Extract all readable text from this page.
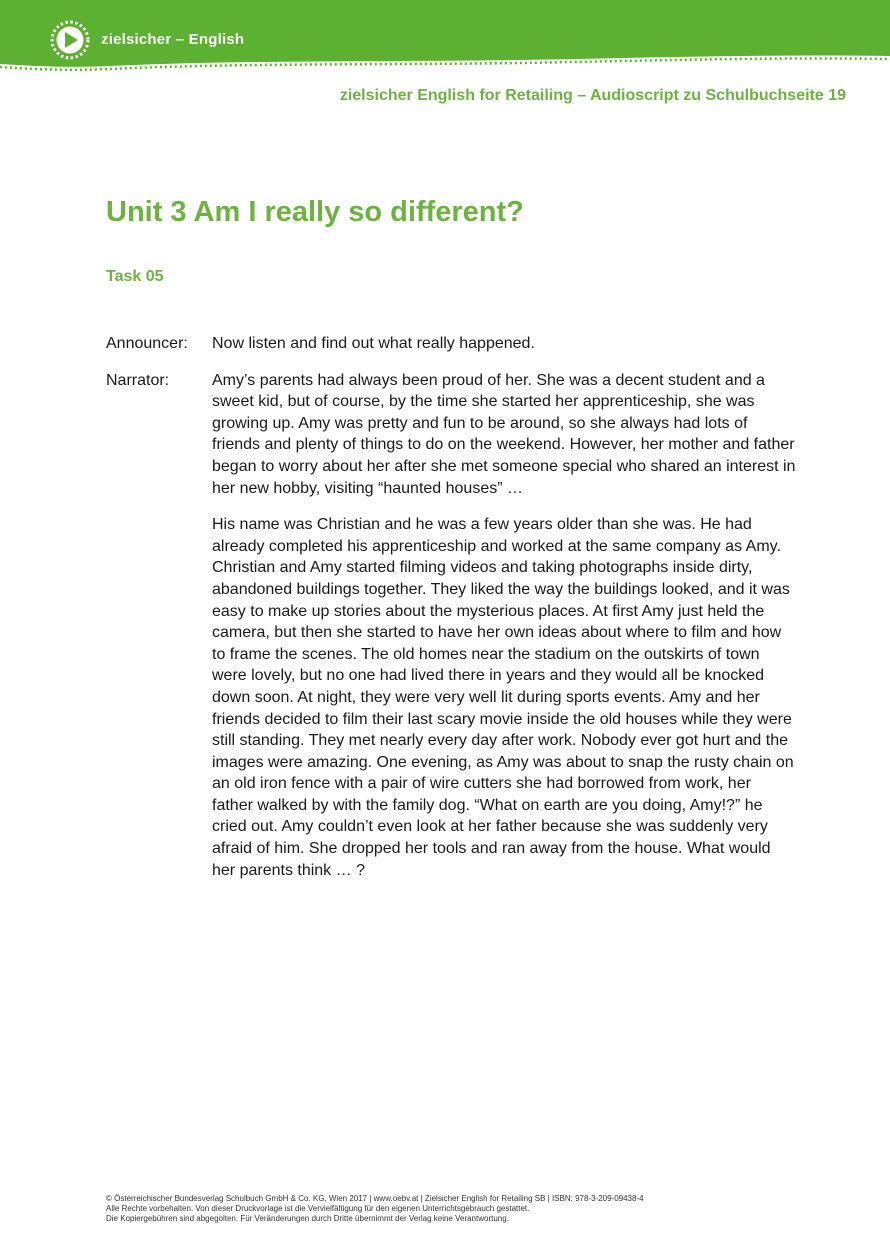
zielsicher – English
zielsicher English for Retailing – Audioscript zu Schulbuchseite 19
Unit 3 Am I really so different?
Task 05
Announcer:	Now listen and find out what really happened.

Narrator:	Amy’s parents had always been proud of her. She was a decent student and a sweet kid, but of course, by the time she started her apprenticeship, she was growing up. Amy was pretty and fun to be around, so she always had lots of friends and plenty of things to do on the weekend. However, her mother and father began to worry about her after she met someone special who shared an interest in her new hobby, visiting “haunted houses” …

His name was Christian and he was a few years older than she was. He had already completed his apprenticeship and worked at the same company as Amy. Christian and Amy started filming videos and taking photographs inside dirty, abandoned buildings together. They liked the way the buildings looked, and it was easy to make up stories about the mysterious places. At first Amy just held the camera, but then she started to have her own ideas about where to film and how to frame the scenes. The old homes near the stadium on the outskirts of town were lovely, but no one had lived there in years and they would all be knocked down soon. At night, they were very well lit during sports events. Amy and her friends decided to film their last scary movie inside the old houses while they were still standing. They met nearly every day after work. Nobody ever got hurt and the images were amazing. One evening, as Amy was about to snap the rusty chain on an old iron fence with a pair of wire cutters she had borrowed from work, her father walked by with the family dog. “What on earth are you doing, Amy!?” he cried out. Amy couldn’t even look at her father because she was suddenly very afraid of him. She dropped her tools and ran away from the house. What would her parents think … ?

© Österreichischer Bundesverlag Schulbuch GmbH & Co. KG, Wien 2017 | www.oebv.at | Zielsicher English for Retailing SB | ISBN: 978-3-209-09438-4
Alle Rechte vorbehalten. Von dieser Druckvorlage ist die Vervielfältigung für den eigenen Unterrichtsgebrauch gestattet.
Die Kopiergebühren sind abgegolten. Für Veränderungen durch Dritte übernimmt der Verlag keine Verantwortung.
